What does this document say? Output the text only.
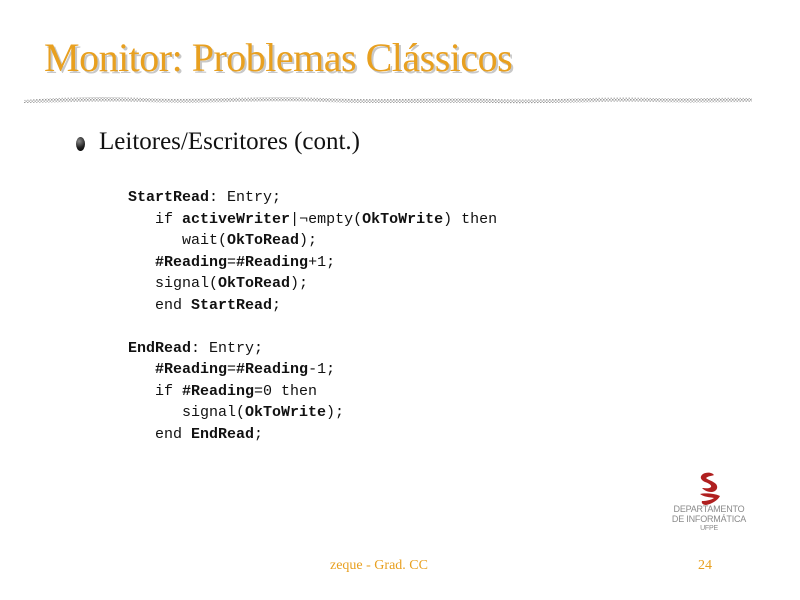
Monitor: Problemas Clássicos
Leitores/Escritores (cont.)
StartRead: Entry;
if activeWriter|¬empty(OkToWrite) then
wait(OkToRead);
#Reading=#Reading+1;
signal(OkToRead);
end StartRead;
EndRead: Entry;
#Reading=#Reading-1;
if #Reading=0 then
signal(OkToWrite);
end EndRead;
DEPARTAMENTO
DE INFORMÁTICA
UFPE
zeque - Grad. CC	24
